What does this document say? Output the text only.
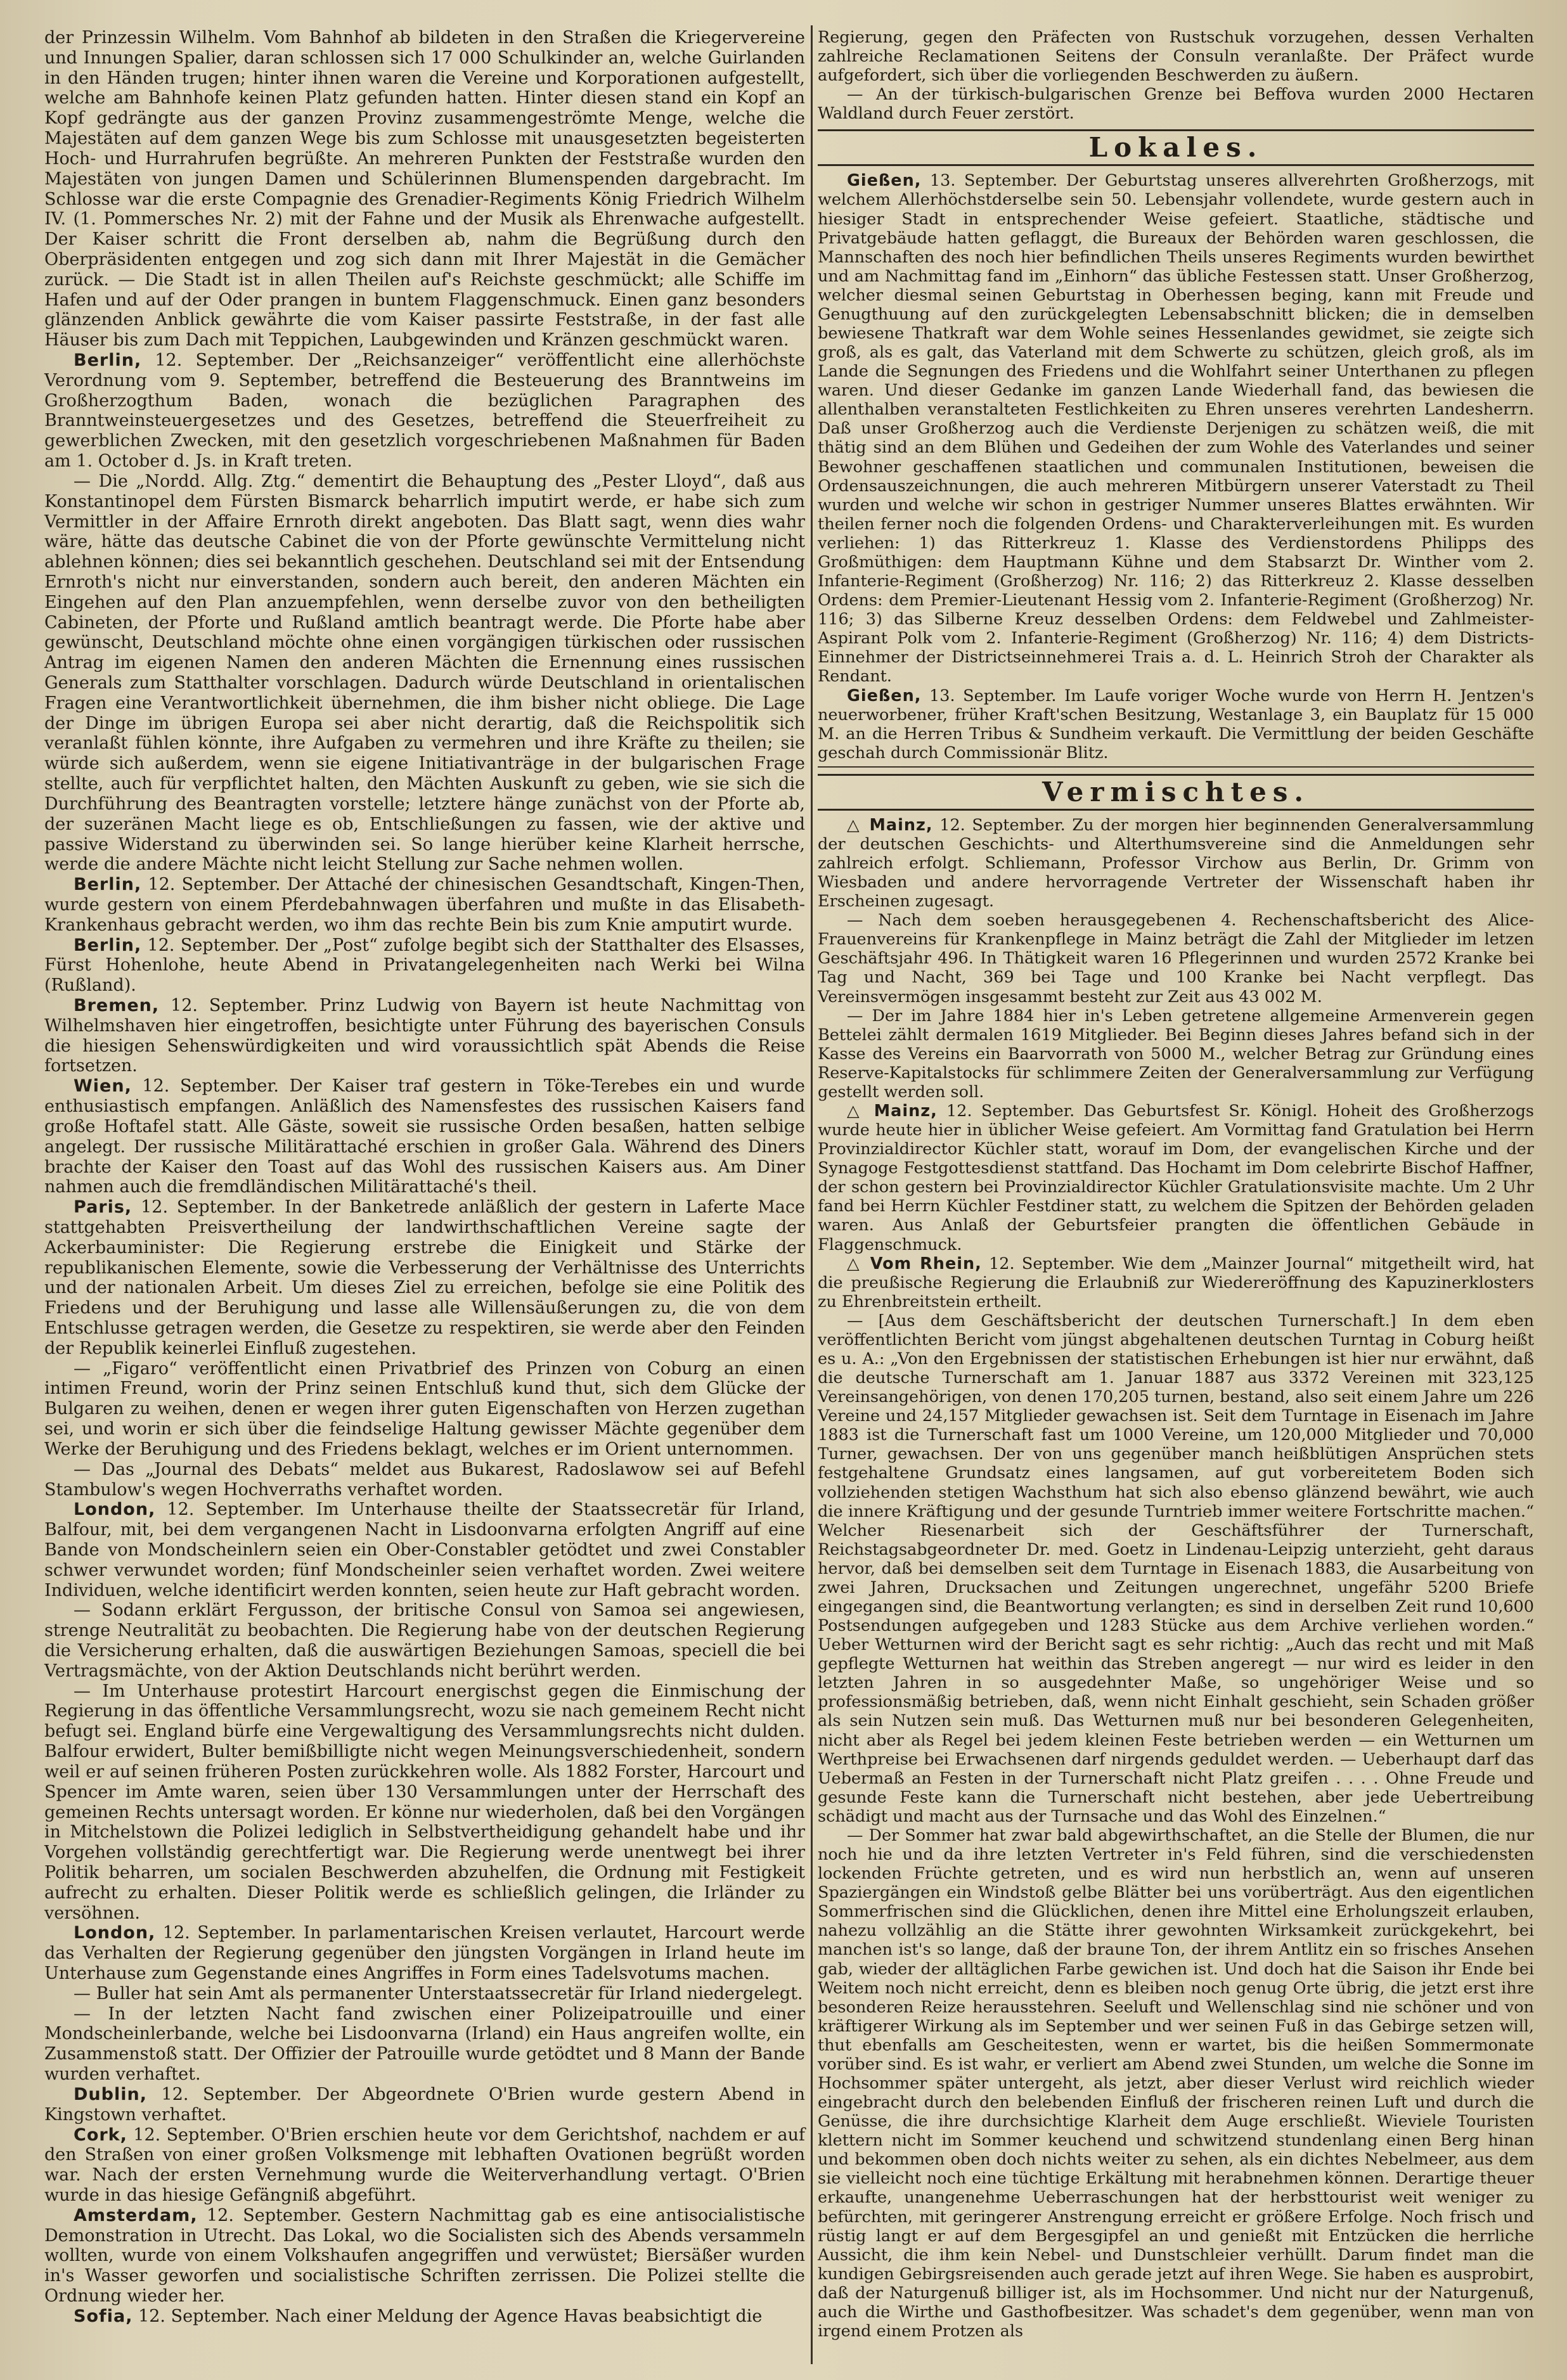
der Prinzessin Wilhelm. Vom Bahnhof ab bildeten in den Straßen die Kriegervereine und Innungen Spalier, daran schlossen sich 17 000 Schulkinder an, welche Guirlanden in den Händen trugen; hinter ihnen waren die Vereine und Korporationen aufgestellt, welche am Bahnhofe keinen Platz gefunden hatten. Hinter diesen stand ein Kopf an Kopf gedrängte aus der ganzen Provinz zusammengeströmte Menge, welche die Majestäten auf dem ganzen Wege bis zum Schlosse mit unausgesetzten begeisterten Hoch- und Hurrahrufen begrüßte. An mehreren Punkten der Feststraße wurden den Majestäten von jungen Damen und Schülerinnen Blumenspenden dargebracht. Im Schlosse war die erste Compagnie des Grenadier-Regiments König Friedrich Wilhelm IV. (1. Pommersches Nr. 2) mit der Fahne und der Musik als Ehrenwache aufgestellt. Der Kaiser schritt die Front derselben ab, nahm die Begrüßung durch den Oberpräsidenten entgegen und zog sich dann mit Ihrer Majestät in die Gemächer zurück. — Die Stadt ist in allen Theilen auf's Reichste geschmückt; alle Schiffe im Hafen und auf der Oder prangen in buntem Flaggenschmuck. Einen ganz besonders glänzenden Anblick gewährte die vom Kaiser passirte Feststraße, in der fast alle Häuser bis zum Dach mit Teppichen, Laubgewinden und Kränzen geschmückt waren.

Berlin, 12. September. Der „Reichsanzeiger“ veröffentlicht eine allerhöchste Verordnung vom 9. September, betreffend die Besteuerung des Branntweins im Großherzogthum Baden, wonach die bezüglichen Paragraphen des Branntweinsteuergesetzes und des Gesetzes, betreffend die Steuerfreiheit zu gewerblichen Zwecken, mit den gesetzlich vorgeschriebenen Maßnahmen für Baden am 1. October d. Js. in Kraft treten.

— Die „Nordd. Allg. Ztg.“ dementirt die Behauptung des „Pester Lloyd“, daß aus Konstantinopel dem Fürsten Bismarck beharrlich imputirt werde, er habe sich zum Vermittler in der Affaire Ernroth direkt angeboten. Das Blatt sagt, wenn dies wahr wäre, hätte das deutsche Cabinet die von der Pforte gewünschte Vermittelung nicht ablehnen können; dies sei bekanntlich geschehen. Deutschland sei mit der Entsendung Ernroth's nicht nur einverstanden, sondern auch bereit, den anderen Mächten ein Eingehen auf den Plan anzuempfehlen, wenn derselbe zuvor von den betheiligten Cabineten, der Pforte und Rußland amtlich beantragt werde. Die Pforte habe aber gewünscht, Deutschland möchte ohne einen vorgängigen türkischen oder russischen Antrag im eigenen Namen den anderen Mächten die Ernennung eines russischen Generals zum Statthalter vorschlagen. Dadurch würde Deutschland in orientalischen Fragen eine Verantwortlichkeit übernehmen, die ihm bisher nicht obliege. Die Lage der Dinge im übrigen Europa sei aber nicht derartig, daß die Reichspolitik sich veranlaßt fühlen könnte, ihre Aufgaben zu vermehren und ihre Kräfte zu theilen; sie würde sich außerdem, wenn sie eigene Initiativanträge in der bulgarischen Frage stellte, auch für verpflichtet halten, den Mächten Auskunft zu geben, wie sie sich die Durchführung des Beantragten vorstelle; letztere hänge zunächst von der Pforte ab, der suzeränen Macht liege es ob, Entschließungen zu fassen, wie der aktive und passive Widerstand zu überwinden sei. So lange hierüber keine Klarheit herrsche, werde die andere Mächte nicht leicht Stellung zur Sache nehmen wollen.

Berlin, 12. September. Der Attaché der chinesischen Gesandtschaft, Kingen-Then, wurde gestern von einem Pferdebahnwagen überfahren und mußte in das Elisabeth-Krankenhaus gebracht werden, wo ihm das rechte Bein bis zum Knie amputirt wurde.

Berlin, 12. September. Der „Post“ zufolge begibt sich der Statthalter des Elsasses, Fürst Hohenlohe, heute Abend in Privatangelegenheiten nach Werki bei Wilna (Rußland).

Bremen, 12. September. Prinz Ludwig von Bayern ist heute Nachmittag von Wilhelmshaven hier eingetroffen, besichtigte unter Führung des bayerischen Consuls die hiesigen Sehenswürdigkeiten und wird voraussichtlich spät Abends die Reise fortsetzen.

Wien, 12. September. Der Kaiser traf gestern in Töke-Terebes ein und wurde enthusiastisch empfangen. Anläßlich des Namensfestes des russischen Kaisers fand große Hoftafel statt. Alle Gäste, soweit sie russische Orden besaßen, hatten selbige angelegt. Der russische Militärattaché erschien in großer Gala. Während des Diners brachte der Kaiser den Toast auf das Wohl des russischen Kaisers aus. Am Diner nahmen auch die fremdländischen Militärattaché's theil.

Paris, 12. September. In der Banketrede anläßlich der gestern in Laferte Mace stattgehabten Preisvertheilung der landwirthschaftlichen Vereine sagte der Ackerbauminister: Die Regierung erstrebe die Einigkeit und Stärke der republikanischen Elemente, sowie die Verbesserung der Verhältnisse des Unterrichts und der nationalen Arbeit. Um dieses Ziel zu erreichen, befolge sie eine Politik des Friedens und der Beruhigung und lasse alle Willensäußerungen zu, die von dem Entschlusse getragen werden, die Gesetze zu respektiren, sie werde aber den Feinden der Republik keinerlei Einfluß zugestehen.

— „Figaro“ veröffentlicht einen Privatbrief des Prinzen von Coburg an einen intimen Freund, worin der Prinz seinen Entschluß kund thut, sich dem Glücke der Bulgaren zu weihen, denen er wegen ihrer guten Eigenschaften von Herzen zugethan sei, und worin er sich über die feindselige Haltung gewisser Mächte gegenüber dem Werke der Beruhigung und des Friedens beklagt, welches er im Orient unternommen.

— Das „Journal des Debats“ meldet aus Bukarest, Radoslawow sei auf Befehl Stambulow's wegen Hochverraths verhaftet worden.

London, 12. September. Im Unterhause theilte der Staatssecretär für Irland, Balfour, mit, bei dem vergangenen Nacht in Lisdoonvarna erfolgten Angriff auf eine Bande von Mondscheinlern seien ein Ober-Constabler getödtet und zwei Constabler schwer verwundet worden; fünf Mondscheinler seien verhaftet worden. Zwei weitere Individuen, welche identificirt werden konnten, seien heute zur Haft gebracht worden.

— Sodann erklärt Fergusson, der britische Consul von Samoa sei angewiesen, strenge Neutralität zu beobachten. Die Regierung habe von der deutschen Regierung die Versicherung erhalten, daß die auswärtigen Beziehungen Samoas, speciell die bei Vertragsmächte, von der Aktion Deutschlands nicht berührt werden.

— Im Unterhause protestirt Harcourt energischst gegen die Einmischung der Regierung in das öffentliche Versammlungsrecht, wozu sie nach gemeinem Recht nicht befugt sei. England bürfe eine Vergewaltigung des Versammlungsrechts nicht dulden. Balfour erwidert, Bulter bemißbilligte nicht wegen Meinungsverschiedenheit, sondern weil er auf seinen früheren Posten zurückkehren wolle. Als 1882 Forster, Harcourt und Spencer im Amte waren, seien über 130 Versammlungen unter der Herrschaft des gemeinen Rechts untersagt worden. Er könne nur wiederholen, daß bei den Vorgängen in Mitchelstown die Polizei lediglich in Selbstvertheidigung gehandelt habe und ihr Vorgehen vollständig gerechtfertigt war. Die Regierung werde unentwegt bei ihrer Politik beharren, um socialen Beschwerden abzuhelfen, die Ordnung mit Festigkeit aufrecht zu erhalten. Dieser Politik werde es schließlich gelingen, die Irländer zu versöhnen.

London, 12. September. In parlamentarischen Kreisen verlautet, Harcourt werde das Verhalten der Regierung gegenüber den jüngsten Vorgängen in Irland heute im Unterhause zum Gegenstande eines Angriffes in Form eines Tadelsvotums machen.

— Buller hat sein Amt als permanenter Unterstaatssecretär für Irland niedergelegt.

— In der letzten Nacht fand zwischen einer Polizeipatrouille und einer Mondscheinlerbande, welche bei Lisdoonvarna (Irland) ein Haus angreifen wollte, ein Zusammenstoß statt. Der Offizier der Patrouille wurde getödtet und 8 Mann der Bande wurden verhaftet.

Dublin, 12. September. Der Abgeordnete O'Brien wurde gestern Abend in Kingstown verhaftet.

Cork, 12. September. O'Brien erschien heute vor dem Gerichtshof, nachdem er auf den Straßen von einer großen Volksmenge mit lebhaften Ovationen begrüßt worden war. Nach der ersten Vernehmung wurde die Weiterverhandlung vertagt. O'Brien wurde in das hiesige Gefängniß abgeführt.

Amsterdam, 12. September. Gestern Nachmittag gab es eine antisocialistische Demonstration in Utrecht. Das Lokal, wo die Socialisten sich des Abends versammeln wollten, wurde von einem Volkshaufen angegriffen und verwüstet; Biersäßer wurden in's Wasser geworfen und socialistische Schriften zerrissen. Die Polizei stellte die Ordnung wieder her.

Sofia, 12. September. Nach einer Meldung der Agence Havas beabsichtigt die

Regierung, gegen den Präfecten von Rustschuk vorzugehen, dessen Verhalten zahlreiche Reclamationen Seitens der Consuln veranlaßte. Der Präfect wurde aufgefordert, sich über die vorliegenden Beschwerden zu äußern.

— An der türkisch-bulgarischen Grenze bei Beffova wurden 2000 Hectaren Waldland durch Feuer zerstört.

Lokales.

Gießen, 13. September. Der Geburtstag unseres allverehrten Großherzogs, mit welchem Allerhöchstderselbe sein 50. Lebensjahr vollendete, wurde gestern auch in hiesiger Stadt in entsprechender Weise gefeiert. Staatliche, städtische und Privatgebäude hatten geflaggt, die Bureaux der Behörden waren geschlossen, die Mannschaften des noch hier befindlichen Theils unseres Regiments wurden bewirthet und am Nachmittag fand im „Einhorn“ das übliche Festessen statt. Unser Großherzog, welcher diesmal seinen Geburtstag in Oberhessen beging, kann mit Freude und Genugthuung auf den zurückgelegten Lebensabschnitt blicken; die in demselben bewiesene Thatkraft war dem Wohle seines Hessenlandes gewidmet, sie zeigte sich groß, als es galt, das Vaterland mit dem Schwerte zu schützen, gleich groß, als im Lande die Segnungen des Friedens und die Wohlfahrt seiner Unterthanen zu pflegen waren. Und dieser Gedanke im ganzen Lande Wiederhall fand, das bewiesen die allenthalben veranstalteten Festlichkeiten zu Ehren unseres verehrten Landesherrn. Daß unser Großherzog auch die Verdienste Derjenigen zu schätzen weiß, die mit thätig sind an dem Blühen und Gedeihen der zum Wohle des Vaterlandes und seiner Bewohner geschaffenen staatlichen und communalen Institutionen, beweisen die Ordensauszeichnungen, die auch mehreren Mitbürgern unserer Vaterstadt zu Theil wurden und welche wir schon in gestriger Nummer unseres Blattes erwähnten. Wir theilen ferner noch die folgenden Ordens- und Charakterverleihungen mit. Es wurden verliehen: 1) das Ritterkreuz 1. Klasse des Verdienstordens Philipps des Großmüthigen: dem Hauptmann Kühne und dem Stabsarzt Dr. Winther vom 2. Infanterie-Regiment (Großherzog) Nr. 116; 2) das Ritterkreuz 2. Klasse desselben Ordens: dem Premier-Lieutenant Hessig vom 2. Infanterie-Regiment (Großherzog) Nr. 116; 3) das Silberne Kreuz desselben Ordens: dem Feldwebel und Zahlmeister-Aspirant Polk vom 2. Infanterie-Regiment (Großherzog) Nr. 116; 4) dem Districts-Einnehmer der Districtseinnehmerei Trais a. d. L. Heinrich Stroh der Charakter als Rendant.

Gießen, 13. September. Im Laufe voriger Woche wurde von Herrn H. Jentzen's neuerworbener, früher Kraft'schen Besitzung, Westanlage 3, ein Bauplatz für 15 000 M. an die Herren Tribus & Sundheim verkauft. Die Vermittlung der beiden Geschäfte geschah durch Commissionär Blitz.

Vermischtes.

△ Mainz, 12. September. Zu der morgen hier beginnenden Generalversammlung der deutschen Geschichts- und Alterthumsvereine sind die Anmeldungen sehr zahlreich erfolgt. Schliemann, Professor Virchow aus Berlin, Dr. Grimm von Wiesbaden und andere hervorragende Vertreter der Wissenschaft haben ihr Erscheinen zugesagt.

— Nach dem soeben herausgegebenen 4. Rechenschaftsbericht des Alice-Frauenvereins für Krankenpflege in Mainz beträgt die Zahl der Mitglieder im letzen Geschäftsjahr 496. In Thätigkeit waren 16 Pflegerinnen und wurden 2572 Kranke bei Tag und Nacht, 369 bei Tage und 100 Kranke bei Nacht verpflegt. Das Vereinsvermögen insgesammt besteht zur Zeit aus 43 002 M.

— Der im Jahre 1884 hier in's Leben getretene allgemeine Armenverein gegen Bettelei zählt dermalen 1619 Mitglieder. Bei Beginn dieses Jahres befand sich in der Kasse des Vereins ein Baarvorrath von 5000 M., welcher Betrag zur Gründung eines Reserve-Kapitalstocks für schlimmere Zeiten der Generalversammlung zur Verfügung gestellt werden soll.

△ Mainz, 12. September. Das Geburtsfest Sr. Königl. Hoheit des Großherzogs wurde heute hier in üblicher Weise gefeiert. Am Vormittag fand Gratulation bei Herrn Provinzialdirector Küchler statt, worauf im Dom, der evangelischen Kirche und der Synagoge Festgottesdienst stattfand. Das Hochamt im Dom celebrirte Bischof Haffner, der schon gestern bei Provinzialdirector Küchler Gratulationsvisite machte. Um 2 Uhr fand bei Herrn Küchler Festdiner statt, zu welchem die Spitzen der Behörden geladen waren. Aus Anlaß der Geburtsfeier prangten die öffentlichen Gebäude in Flaggenschmuck.

△ Vom Rhein, 12. September. Wie dem „Mainzer Journal“ mitgetheilt wird, hat die preußische Regierung die Erlaubniß zur Wiedereröffnung des Kapuzinerklosters zu Ehrenbreitstein ertheilt.

— [Aus dem Geschäftsbericht der deutschen Turnerschaft.] In dem eben veröffentlichten Bericht vom jüngst abgehaltenen deutschen Turntag in Coburg heißt es u. A.: „Von den Ergebnissen der statistischen Erhebungen ist hier nur erwähnt, daß die deutsche Turnerschaft am 1. Januar 1887 aus 3372 Vereinen mit 323,125 Vereinsangehörigen, von denen 170,205 turnen, bestand, also seit einem Jahre um 226 Vereine und 24,157 Mitglieder gewachsen ist. Seit dem Turntage in Eisenach im Jahre 1883 ist die Turnerschaft fast um 1000 Vereine, um 120,000 Mitglieder und 70,000 Turner, gewachsen. Der von uns gegenüber manch heißblütigen Ansprüchen stets festgehaltene Grundsatz eines langsamen, auf gut vorbereitetem Boden sich vollziehenden stetigen Wachsthum hat sich also ebenso glänzend bewährt, wie auch die innere Kräftigung und der gesunde Turntrieb immer weitere Fortschritte machen.“ Welcher Riesenarbeit sich der Geschäftsführer der Turnerschaft, Reichstagsabgeordneter Dr. med. Goetz in Lindenau-Leipzig unterzieht, geht daraus hervor, daß bei demselben seit dem Turntage in Eisenach 1883, die Ausarbeitung von zwei Jahren, Drucksachen und Zeitungen ungerechnet, ungefähr 5200 Briefe eingegangen sind, die Beantwortung verlangten; es sind in derselben Zeit rund 10,600 Postsendungen aufgegeben und 1283 Stücke aus dem Archive verliehen worden.“ Ueber Wetturnen wird der Bericht sagt es sehr richtig: „Auch das recht und mit Maß gepflegte Wetturnen hat weithin das Streben angeregt — nur wird es leider in den letzten Jahren in so ausgedehnter Maße, so ungehöriger Weise und so professionsmäßig betrieben, daß, wenn nicht Einhalt geschieht, sein Schaden größer als sein Nutzen sein muß. Das Wetturnen muß nur bei besonderen Gelegenheiten, nicht aber als Regel bei jedem kleinen Feste betrieben werden — ein Wetturnen um Werthpreise bei Erwachsenen darf nirgends geduldet werden. — Ueberhaupt darf das Uebermaß an Festen in der Turnerschaft nicht Platz greifen . . . . Ohne Freude und gesunde Feste kann die Turnerschaft nicht bestehen, aber jede Uebertreibung schädigt und macht aus der Turnsache und das Wohl des Einzelnen.“

— Der Sommer hat zwar bald abgewirthschaftet, an die Stelle der Blumen, die nur noch hie und da ihre letzten Vertreter in's Feld führen, sind die verschiedensten lockenden Früchte getreten, und es wird nun herbstlich an, wenn auf unseren Spaziergängen ein Windstoß gelbe Blätter bei uns vorüberträgt. Aus den eigentlichen Sommerfrischen sind die Glücklichen, denen ihre Mittel eine Erholungszeit erlauben, nahezu vollzählig an die Stätte ihrer gewohnten Wirksamkeit zurückgekehrt, bei manchen ist's so lange, daß der braune Ton, der ihrem Antlitz ein so frisches Ansehen gab, wieder der alltäglichen Farbe gewichen ist. Und doch hat die Saison ihr Ende bei Weitem noch nicht erreicht, denn es bleiben noch genug Orte übrig, die jetzt erst ihre besonderen Reize herausstehren. Seeluft und Wellenschlag sind nie schöner und von kräftigerer Wirkung als im September und wer seinen Fuß in das Gebirge setzen will, thut ebenfalls am Gescheitesten, wenn er wartet, bis die heißen Sommermonate vorüber sind. Es ist wahr, er verliert am Abend zwei Stunden, um welche die Sonne im Hochsommer später untergeht, als jetzt, aber dieser Verlust wird reichlich wieder eingebracht durch den belebenden Einfluß der frischeren reinen Luft und durch die Genüsse, die ihre durchsichtige Klarheit dem Auge erschließt. Wieviele Touristen klettern nicht im Sommer keuchend und schwitzend stundenlang einen Berg hinan und bekommen oben doch nichts weiter zu sehen, als ein dichtes Nebelmeer, aus dem sie vielleicht noch eine tüchtige Erkältung mit herabnehmen können. Derartige theuer erkaufte, unangenehme Ueberraschungen hat der herbsttourist weit weniger zu befürchten, mit geringerer Anstrengung erreicht er größere Erfolge. Noch frisch und rüstig langt er auf dem Bergesgipfel an und genießt mit Entzücken die herrliche Aussicht, die ihm kein Nebel- und Dunstschleier verhüllt. Darum findet man die kundigen Gebirgsreisenden auch gerade jetzt auf ihren Wege. Sie haben es ausprobirt, daß der Naturgenuß billiger ist, als im Hochsommer. Und nicht nur der Naturgenuß, auch die Wirthe und Gasthofbesitzer. Was schadet's dem gegenüber, wenn man von irgend einem Protzen als
